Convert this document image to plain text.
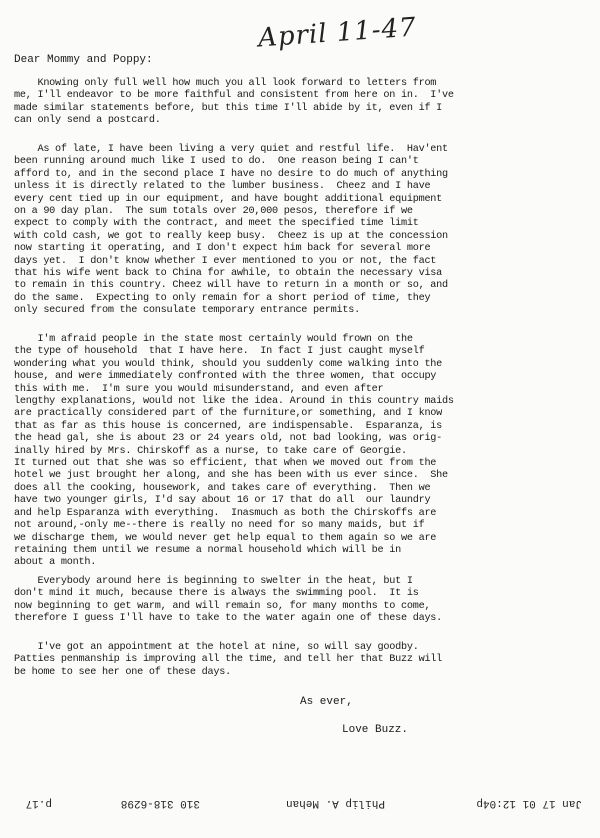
April 11-47
Dear Mommy and Poppy:

Knowing only full well how much you all look forward to letters from
me, I'll endeavor to be more faithful and consistent from here on in.  I've
made similar statements before, but this time I'll abide by it, even if I
can only send a postcard.

As of late, I have been living a very quiet and restful life.  Hav'ent
been running around much like I used to do.  One reason being I can't
afford to, and in the second place I have no desire to do much of anything
unless it is directly related to the lumber business.  Cheez and I have
every cent tied up in our equipment, and have bought additional equipment
on a 90 day plan.  The sum totals over 20,000 pesos, therefore if we
expect to comply with the contract, and meet the specified time limit
with cold cash, we got to really keep busy.  Cheez is up at the concession
now starting it operating, and I don't expect him back for several more
days yet.  I don't know whether I ever mentioned to you or not, the fact
that his wife went back to China for awhile, to obtain the necessary visa
to remain in this country. Cheez will have to return in a month or so, and
do the same.  Expecting to only remain for a short period of time, they
only secured from the consulate temporary entrance permits.

I'm afraid people in the state most certainly would frown on the
the type of household  that I have here.  In fact I just caught myself
wondering what you would think, should you suddenly come walking into the
house, and were immediately confronted with the three women, that occupy
this with me.  I'm sure you would misunderstand, and even after
lengthy explanations, would not like the idea. Around in this country maids
are practically considered part of the furniture,or something, and I know
that as far as this house is concerned, are indispensable.  Esparanza, is
the head gal, she is about 23 or 24 years old, not bad looking, was orig-
inally hired by Mrs. Chirskoff as a nurse, to take care of Georgie.
It turned out that she was so efficient, that when we moved out from the
hotel we just brought her along, and she has been with us ever since.  She
does all the cooking, housework, and takes care of everything.  Then we
have two younger girls, I'd say about 16 or 17 that do all  our laundry
and help Esparanza with everything.  Inasmuch as both the Chirskoffs are
not around,-only me--there is really no need for so many maids, but if
we discharge them, we would never get help equal to them again so we are
retaining them until we resume a normal household which will be in
about a month.

Everybody around here is beginning to swelter in the heat, but I
don't mind it much, because there is always the swimming pool.  It is
now beginning to get warm, and will remain so, for many months to come,
therefore I guess I'll have to take to the water again one of these days.

I've got an appointment at the hotel at nine, so will say goodby.
Patties penmanship is improving all the time, and tell her that Buzz will
be home to see her one of these days.

As ever,
Love Buzz.
Jan 17 01 12:04p
Philip A. Mehan
310 318-6298
p.17
